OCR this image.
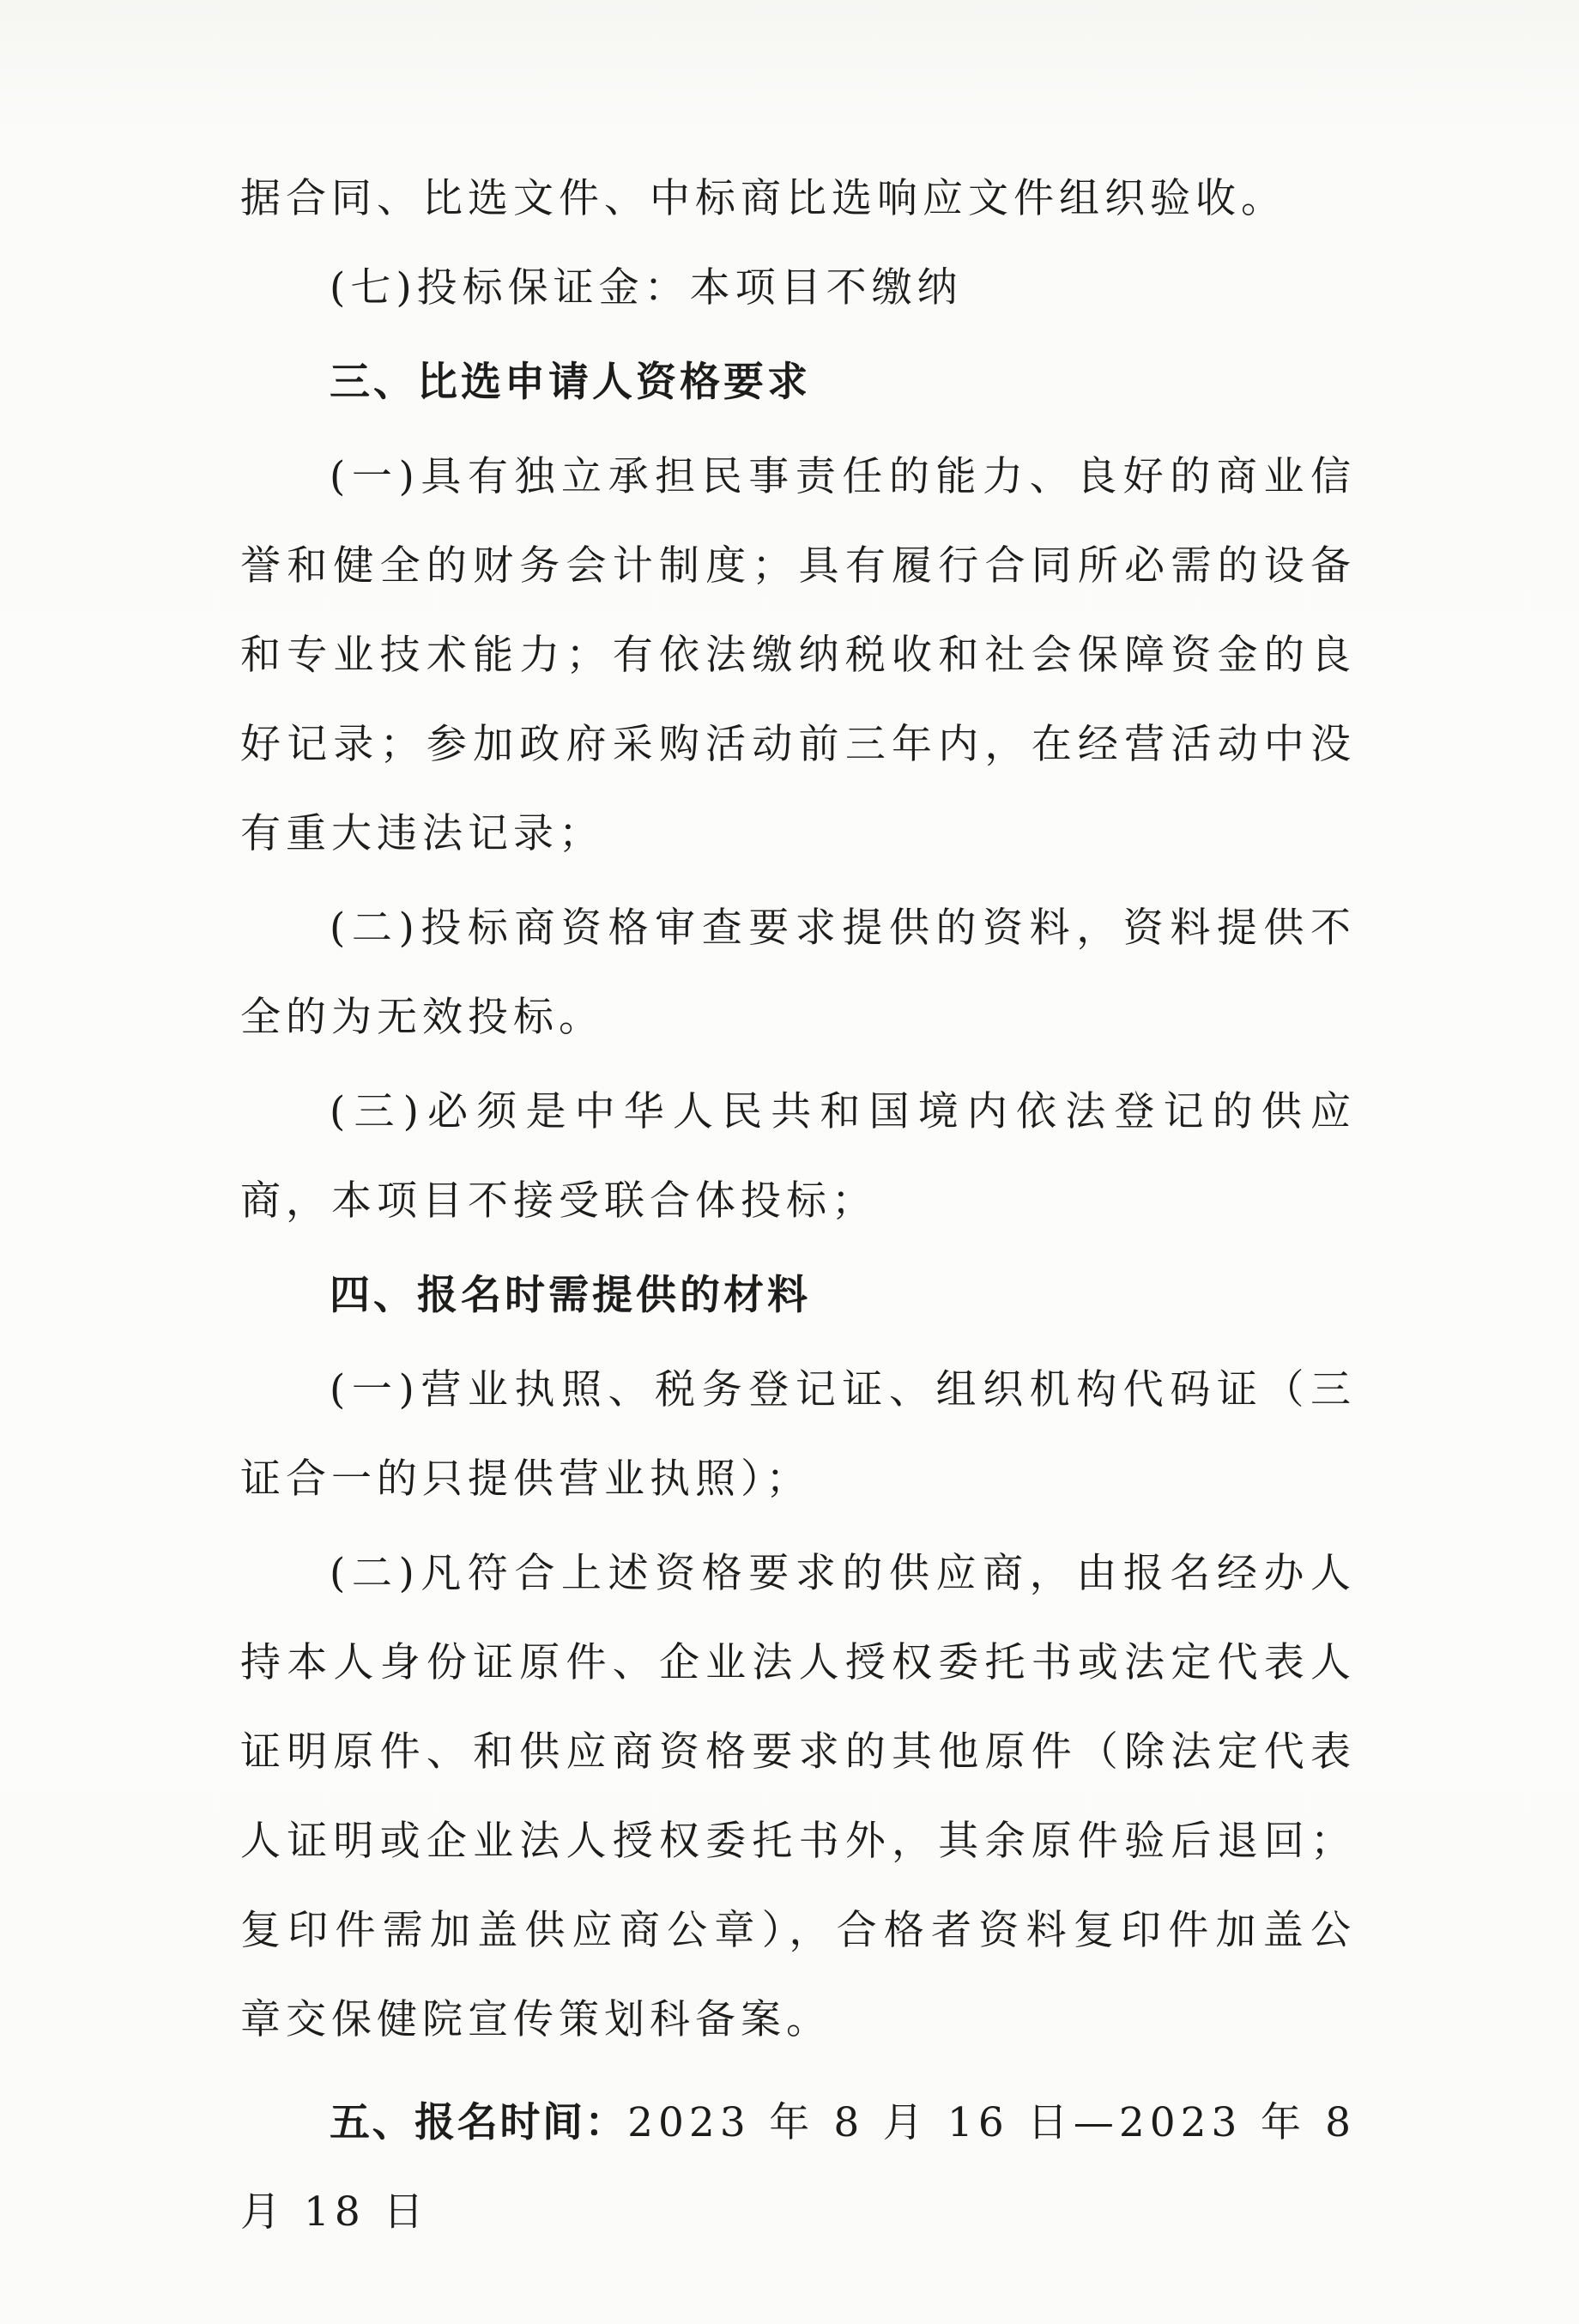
据合同、比选文件、中标商比选响应文件组织验收。

(七)投标保证金：本项目不缴纳

三、比选申请人资格要求

(一)具有独立承担民事责任的能力、良好的商业信誉和健全的财务会计制度；具有履行合同所必需的设备和专业技术能力；有依法缴纳税收和社会保障资金的良好记录；参加政府采购活动前三年内，在经营活动中没有重大违法记录；

(二)投标商资格审查要求提供的资料，资料提供不全的为无效投标。

(三)必须是中华人民共和国境内依法登记的供应商，本项目不接受联合体投标；

四、报名时需提供的材料

(一)营业执照、税务登记证、组织机构代码证（三证合一的只提供营业执照）；

(二)凡符合上述资格要求的供应商，由报名经办人持本人身份证原件、企业法人授权委托书或法定代表人证明原件、和供应商资格要求的其他原件（除法定代表人证明或企业法人授权委托书外，其余原件验后退回；复印件需加盖供应商公章），合格者资料复印件加盖公章交保健院宣传策划科备案。

五、报名时间：2023 年 8 月 16 日—2023 年 8 月 18 日
